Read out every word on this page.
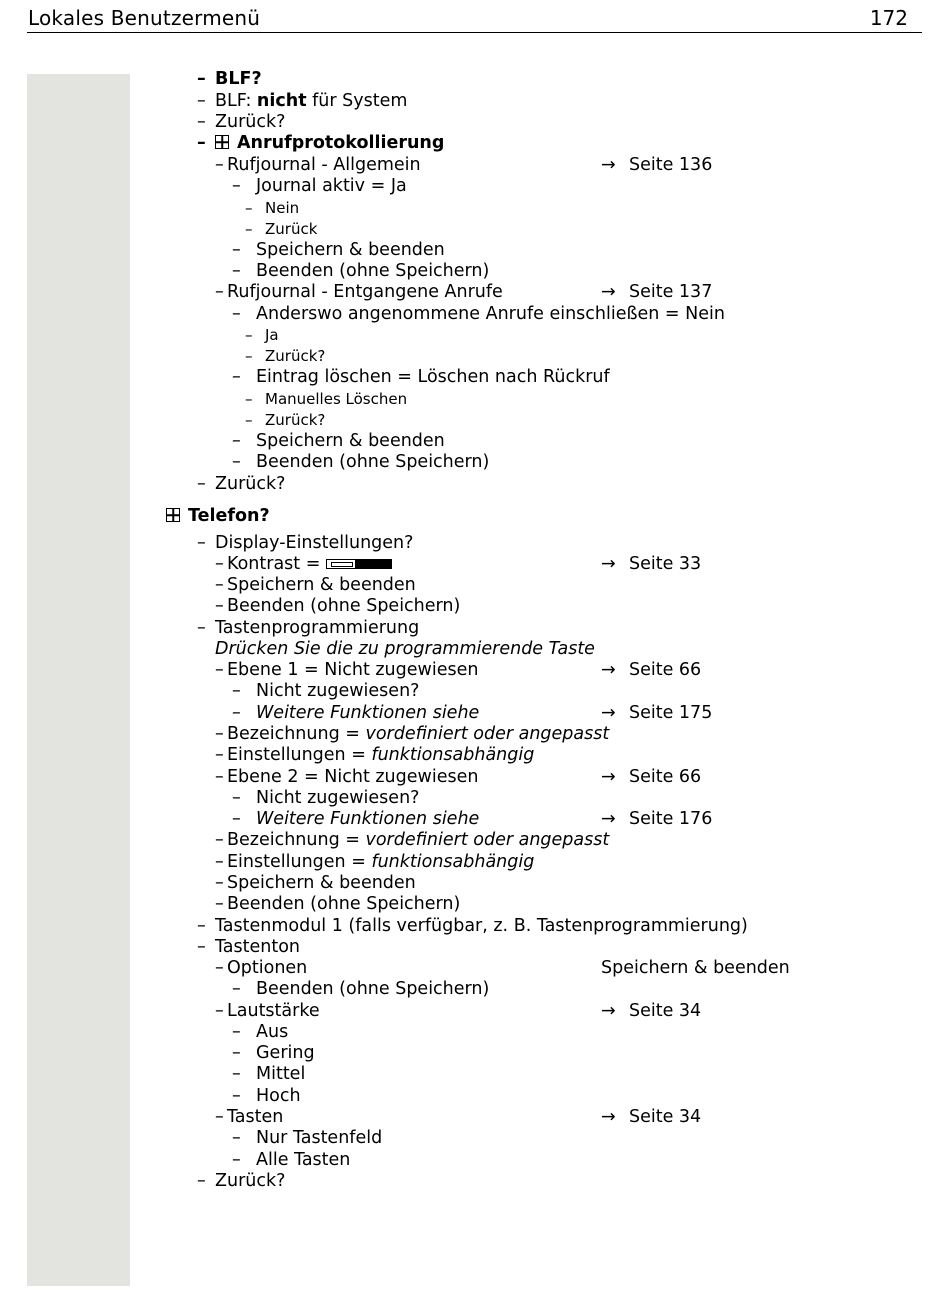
Lokales Benutzermenü	172
– BLF?
– BLF: nicht für System
– Zurück?
– Anrufprotokollierung
– Rufjournal - Allgemein	→ Seite 136
– Journal aktiv = Ja
– Nein
– Zurück
– Speichern & beenden
– Beenden (ohne Speichern)
– Rufjournal - Entgangene Anrufe	→ Seite 137
– Anderswo angenommene Anrufe einschließen = Nein
– Ja
– Zurück?
– Eintrag löschen = Löschen nach Rückruf
– Manuelles Löschen
– Zurück?
– Speichern & beenden
– Beenden (ohne Speichern)
– Zurück?
Telefon?
– Display-Einstellungen?
– Kontrast =	→ Seite 33
– Speichern & beenden
– Beenden (ohne Speichern)
– Tastenprogrammierung
Drücken Sie die zu programmierende Taste
– Ebene 1 = Nicht zugewiesen	→ Seite 66
– Nicht zugewiesen?
– Weitere Funktionen siehe	→ Seite 175
– Bezeichnung = vordefiniert oder angepasst
– Einstellungen = funktionsabhängig
– Ebene 2 = Nicht zugewiesen	→ Seite 66
– Nicht zugewiesen?
– Weitere Funktionen siehe	→ Seite 176
– Bezeichnung = vordefiniert oder angepasst
– Einstellungen = funktionsabhängig
– Speichern & beenden
– Beenden (ohne Speichern)
– Tastenmodul 1 (falls verfügbar, z. B. Tastenprogrammierung)
– Tastenton
– Optionen	Speichern & beenden
– Beenden (ohne Speichern)
– Lautstärke	→ Seite 34
– Aus
– Gering
– Mittel
– Hoch
– Tasten	→ Seite 34
– Nur Tastenfeld
– Alle Tasten
– Zurück?
